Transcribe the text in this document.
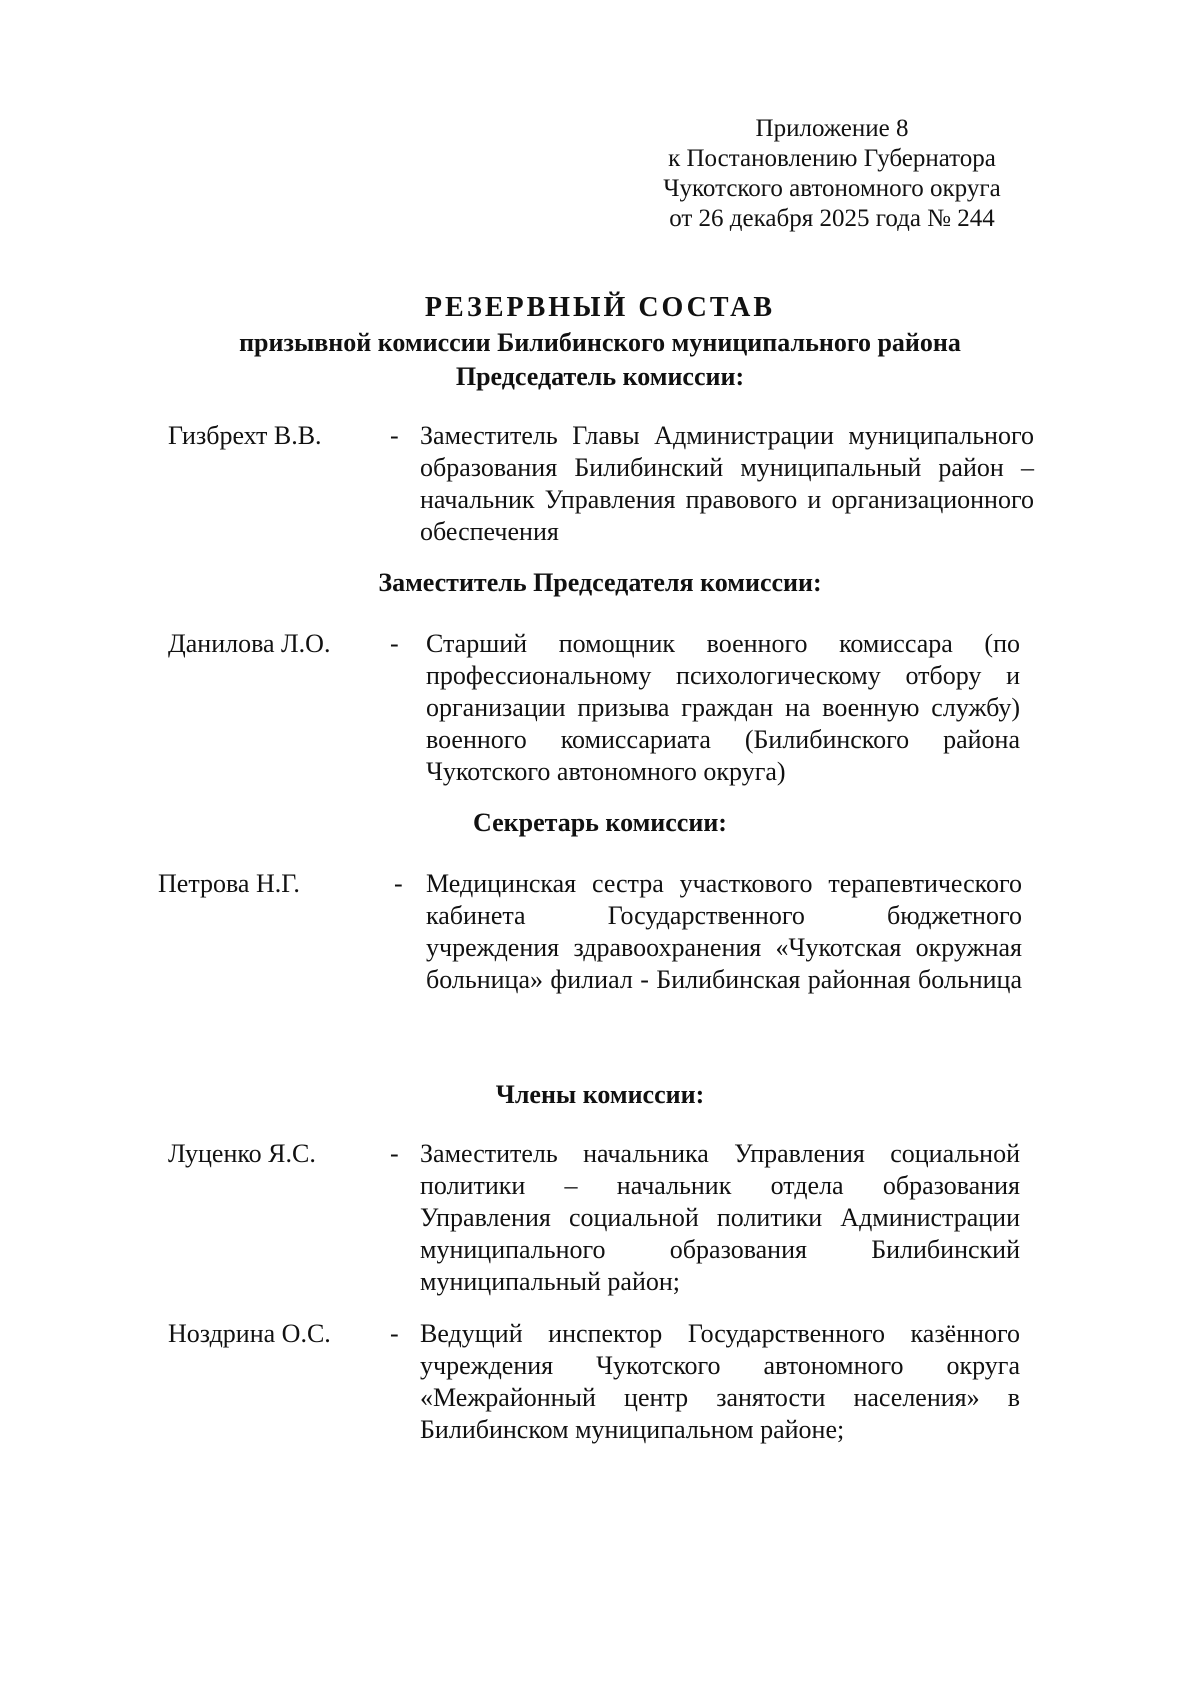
Приложение 8
к Постановлению Губернатора
Чукотского автономного округа
от 26 декабря 2025 года № 244
РЕЗЕРВНЫЙ СОСТАВ
призывной комиссии Билибинского муниципального района
Председатель комиссии:
Гизбрехт В.В.	- Заместитель Главы Администрации муниципального
образования Билибинский муниципальный район –
начальник Управления правового и организационного
обеспечения
Заместитель Председателя комиссии:
Данилова Л.О. - Старший помощник военного комиссара (по
профессиональному психологическому отбору и
организации призыва граждан на военную службу)
военного комиссариата (Билибинского района
Чукотского автономного округа)
Секретарь комиссии:
Петрова Н.Г.	- Медицинская сестра участкового терапевтического
кабинета Государственного бюджетного
учреждения здравоохранения «Чукотская окружная
больница» филиал - Билибинская районная больница
Члены комиссии:
Луценко Я.С.	- Заместитель начальника Управления социальной
политики – начальник отдела образования
Управления социальной политики Администрации
муниципального образования Билибинский
муниципальный район;
Ноздрина О.С. - Ведущий инспектор Государственного казённого
учреждения Чукотского автономного округа
«Межрайонный центр занятости населения» в
Билибинском муниципальном районе;
